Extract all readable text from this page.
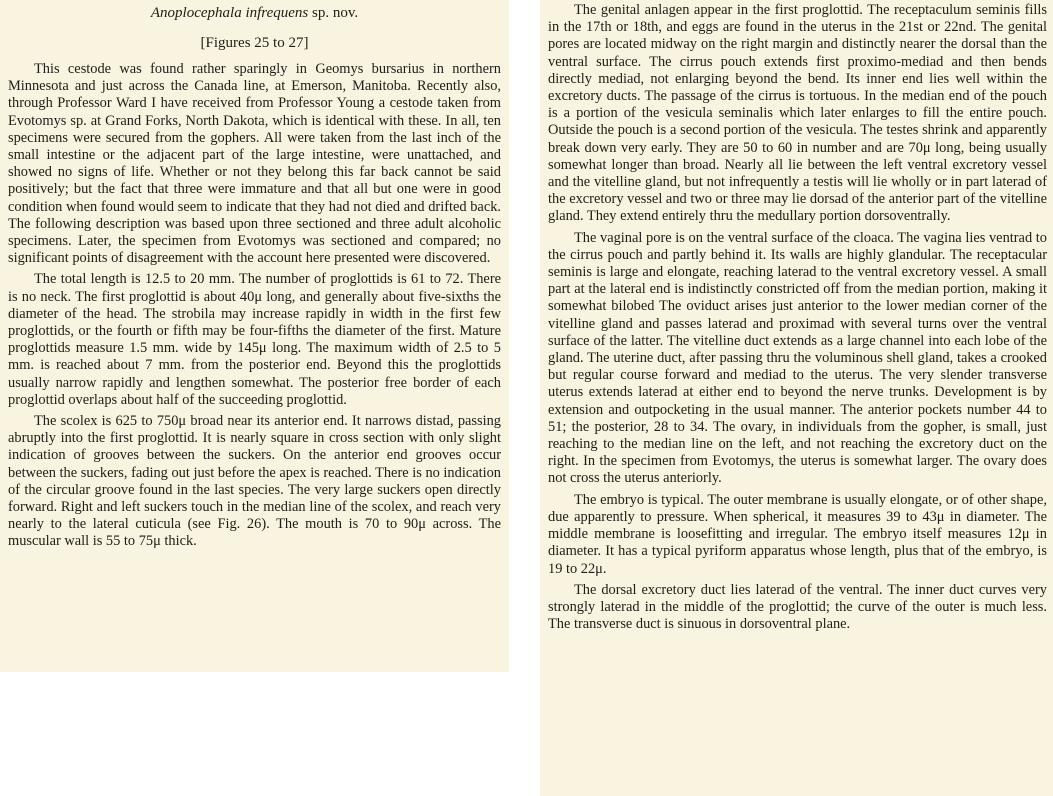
Anoplocephala infrequens sp. nov.
[Figures 25 to 27]

This cestode was found rather sparingly in Geomys bursarius in northern Minnesota and just across the Canada line, at Emerson, Manitoba. Recently also, through Professor Ward I have received from Professor Young a cestode taken from Evotomys sp. at Grand Forks, North Dakota, which is identical with these. In all, ten specimens were secured from the gophers. All were taken from the last inch of the small intestine or the adjacent part of the large intestine, were unattached, and showed no signs of life. Whether or not they belong this far back cannot be said positively; but the fact that three were immature and that all but one were in good condition when found would seem to indicate that they had not died and drifted back. The following description was based upon three sectioned and three adult alcoholic specimens. Later, the specimen from Evotomys was sectioned and compared; no significant points of disagreement with the account here presented were discovered.

The total length is 12.5 to 20 mm. The number of proglottids is 61 to 72. There is no neck. The first proglottid is about 40μ long, and generally about five-sixths the diameter of the head. The strobila may increase rapidly in width in the first few proglottids, or the fourth or fifth may be four-fifths the diameter of the first. Mature proglottids measure 1.5 mm. wide by 145μ long. The maximum width of 2.5 to 5 mm. is reached about 7 mm. from the posterior end. Beyond this the proglottids usually narrow rapidly and lengthen somewhat. The posterior free border of each proglottid overlaps about half of the succeeding proglottid.

The scolex is 625 to 750μ broad near its anterior end. It narrows distad, passing abruptly into the first proglottid. It is nearly square in cross section with only slight indication of grooves between the suckers. On the anterior end grooves occur between the suckers, fading out just before the apex is reached. There is no indication of the circular groove found in the last species. The very large suckers open directly forward. Right and left suckers touch in the median line of the scolex, and reach very nearly to the lateral cuticula (see Fig. 26). The mouth is 70 to 90μ across. The muscular wall is 55 to 75μ thick.

The genital anlagen appear in the first proglottid. The receptaculum seminis fills in the 17th or 18th, and eggs are found in the uterus in the 21st or 22nd. The genital pores are located midway on the right margin and distinctly nearer the dorsal than the ventral surface. The cirrus pouch extends first proximo-mediad and then bends directly mediad, not enlarging beyond the bend. Its inner end lies well within the excretory ducts. The passage of the cirrus is tortuous. In the median end of the pouch is a portion of the vesicula seminalis which later enlarges to fill the entire pouch. Outside the pouch is a second portion of the vesicula. The testes shrink and apparently break down very early. They are 50 to 60 in number and are 70μ long, being usually somewhat longer than broad. Nearly all lie between the left ventral excretory vessel and the vitelline gland, but not infrequently a testis will lie wholly or in part laterad of the excretory vessel and two or three may lie dorsad of the anterior part of the vitelline gland. They extend entirely thru the medullary portion dorsoventrally.

The vaginal pore is on the ventral surface of the cloaca. The vagina lies ventrad to the cirrus pouch and partly behind it. Its walls are highly glandular. The receptacular seminis is large and elongate, reaching laterad to the ventral excretory vessel. A small part at the lateral end is indistinctly constricted off from the median portion, making it somewhat bilobed The oviduct arises just anterior to the lower median corner of the vitelline gland and passes laterad and proximad with several turns over the ventral surface of the latter. The vitelline duct extends as a large channel into each lobe of the gland. The uterine duct, after passing thru the voluminous shell gland, takes a crooked but regular course forward and mediad to the uterus. The very slender transverse uterus extends laterad at either end to beyond the nerve trunks. Development is by extension and outpocketing in the usual manner. The anterior pockets number 44 to 51; the posterior, 28 to 34. The ovary, in individuals from the gopher, is small, just reaching to the median line on the left, and not reaching the excretory duct on the right. In the specimen from Evotomys, the uterus is somewhat larger. The ovary does not cross the uterus anteriorly.

The embryo is typical. The outer membrane is usually elongate, or of other shape, due apparently to pressure. When spherical, it measures 39 to 43μ in diameter. The middle membrane is loosefitting and irregular. The embryo itself measures 12μ in diameter. It has a typical pyriform apparatus whose length, plus that of the embryo, is 19 to 22μ.

The dorsal excretory duct lies laterad of the ventral. The inner duct curves very strongly laterad in the middle of the proglottid; the curve of the outer is much less. The transverse duct is sinuous in dorsoventral plane.
